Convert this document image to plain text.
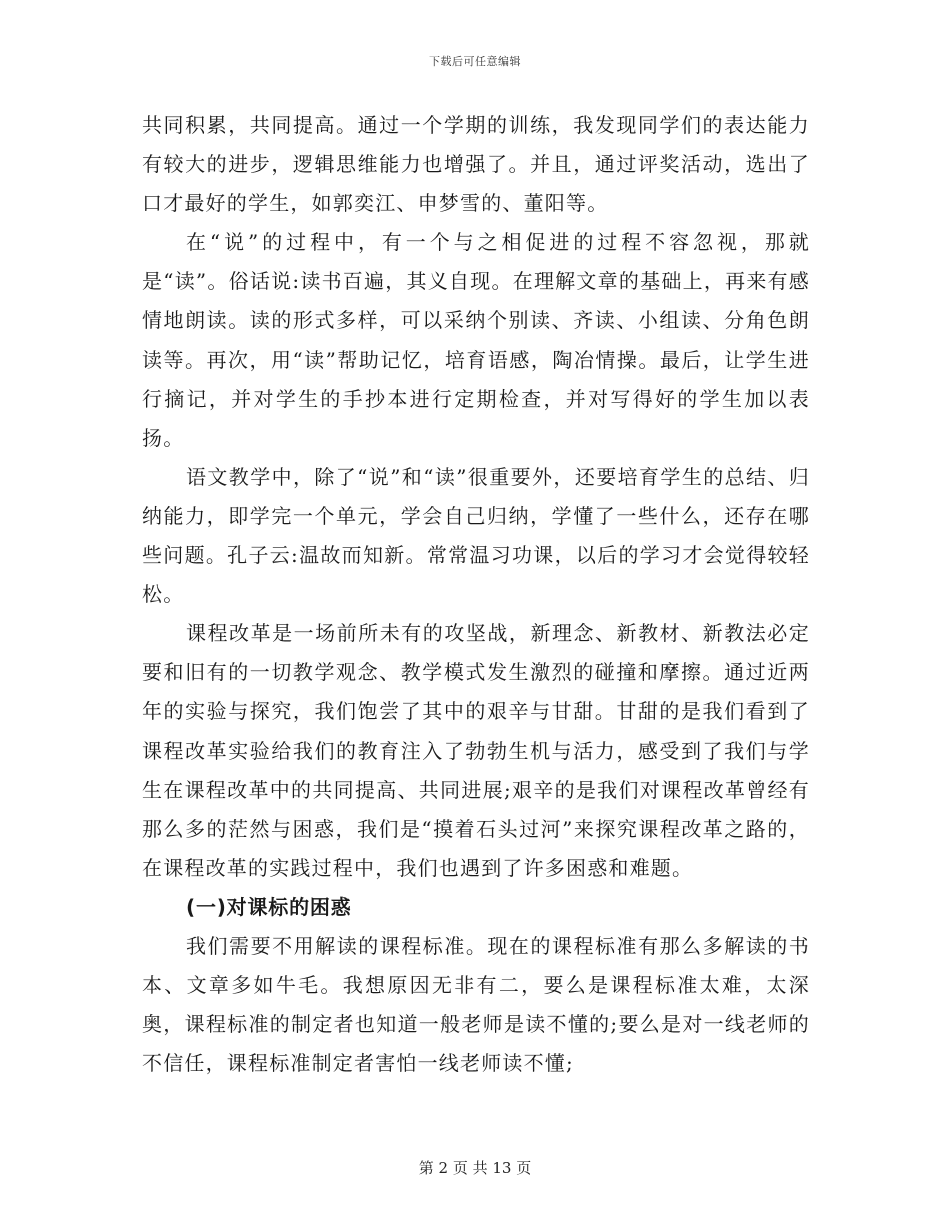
下载后可任意编辑

共同积累，共同提高。通过一个学期的训练，我发现同学们的表达能力有较大的进步，逻辑思维能力也增强了。并且，通过评奖活动，选出了口才最好的学生，如郭奕江、申梦雪的、董阳等。

在“说”的过程中，有一个与之相促进的过程不容忽视，那就是“读”。俗话说:读书百遍，其义自现。在理解文章的基础上，再来有感情地朗读。读的形式多样，可以采纳个别读、齐读、小组读、分角色朗读等。再次，用“读”帮助记忆，培育语感，陶冶情操。最后，让学生进行摘记，并对学生的手抄本进行定期检查，并对写得好的学生加以表扬。

语文教学中，除了“说”和“读”很重要外，还要培育学生的总结、归纳能力，即学完一个单元，学会自己归纳，学懂了一些什么，还存在哪些问题。孔子云:温故而知新。常常温习功课，以后的学习才会觉得较轻松。

课程改革是一场前所未有的攻坚战，新理念、新教材、新教法必定要和旧有的一切教学观念、教学模式发生激烈的碰撞和摩擦。通过近两年的实验与探究，我们饱尝了其中的艰辛与甘甜。甘甜的是我们看到了课程改革实验给我们的教育注入了勃勃生机与活力，感受到了我们与学生在课程改革中的共同提高、共同进展;艰辛的是我们对课程改革曾经有那么多的茫然与困惑，我们是“摸着石头过河”来探究课程改革之路的，在课程改革的实践过程中，我们也遇到了许多困惑和难题。

(一)对课标的困惑

我们需要不用解读的课程标准。现在的课程标准有那么多解读的书本、文章多如牛毛。我想原因无非有二，要么是课程标准太难，太深奥，课程标准的制定者也知道一般老师是读不懂的;要么是对一线老师的不信任，课程标准制定者害怕一线老师读不懂;

第 2 页 共 13 页
